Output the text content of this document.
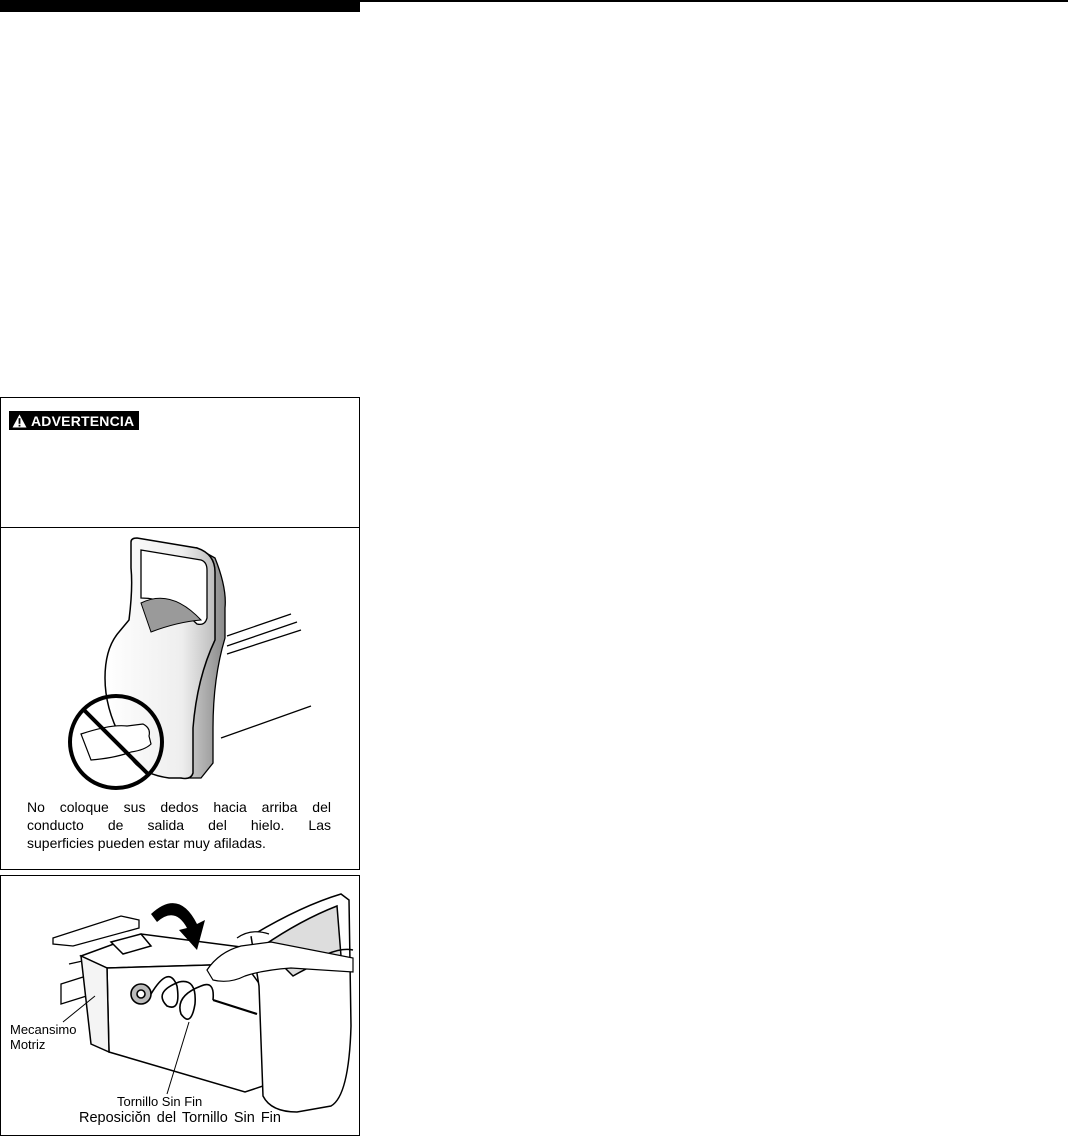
ADVERTENCIA
No coloque sus dedos hacia arriba del
conducto de salida del hielo. Las
superficies pueden estar muy afiladas.
Mecansimo
Motriz
Tornillo Sin Fin
Reposiciŏn del Tornillo Sin Fin
